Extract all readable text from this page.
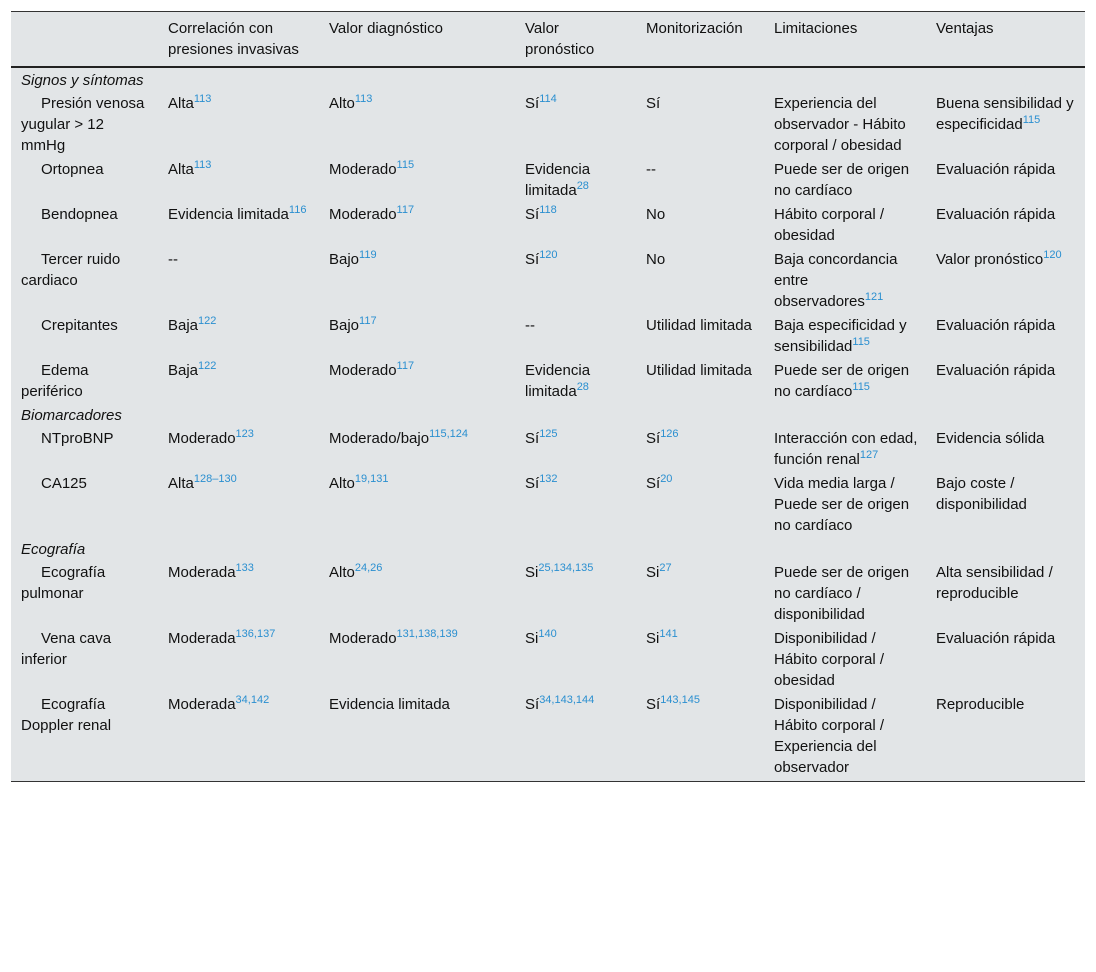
	Correlación con presiones invasivas	Valor diagnóstico	Valor pronóstico	Monitorización	Limitaciones	Ventajas
Signos y síntomas						
Presión venosa yugular > 12 mmHg	Alta$^{113}$	Alto$^{113}$	$Sí^{114}$	Sí	Experiencia del observador - Hábito corporal / obesidad	Buena sensibilidad y especificidad$^{115}$
Ortopnea	Alta$^{113}$	Moderado$^{115}$	Evidencia limitada$^{28}$	--	Puede ser de origen no cardíaco	Evaluación rápida
Bendopnea	Evidencia limitada$^{116}$	Moderado$^{117}$	$Sí^{118}$	No	Hábito corporal / obesidad	Evaluación rápida
Tercer ruido cardiaco	--	Bajo$^{119}$	$Sí^{120}$	No	Baja concordancia entre observadores$^{121}$	Valor pronóstico$^{120}$
Crepitantes	Baja$^{122}$	Bajo$^{117}$	--	Utilidad limitada	Baja especificidad y sensibilidad$^{115}$	Evaluación rápida
Edema periférico	Baja$^{122}$	Moderado$^{117}$	Evidencia limitada$^{28}$	Utilidad limitada	Puede ser de origen no cardíaco$^{115}$	Evaluación rápida
Biomarcadores						
NTproBNP	Moderado$^{123}$	Moderado/bajo$^{115,124}$	$Sí^{125}$	$Sí^{126}$	Interacción con edad, función renal$^{127}$	Evidencia sólida
CA125	Alta$^{128-130}$	Alto$^{19,131}$	$Sí^{132}$	$Sí^{20}$	Vida media larga / Puede ser de origen no cardíaco	Bajo coste / disponibilidad
Ecografía						
Ecografía pulmonar	Moderada$^{133}$	Alto$^{24,26}$	Si$^{25,134,135}$	Si$^{27}$	Puede ser de origen no cardíaco / disponibilidad	Alta sensibilidad / reproducible
Vena cava inferior	Moderada$^{136,137}$	Moderado$^{131,138,139}$	Si$^{140}$	Si$^{141}$	Disponibilidad / Hábito corporal / obesidad	Evaluación rápida
Ecografía Doppler renal	Moderada$^{34,142}$	Evidencia limitada	Sí$^{34,143,144}$	Sí$^{143,145}$	Disponibilidad / Hábito corporal / Experiencia del observador	Reproducible
